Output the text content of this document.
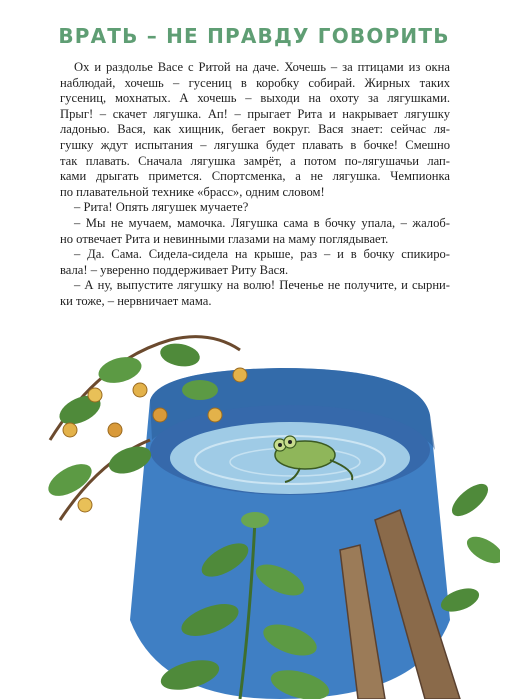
ВРАТЬ – НЕ ПРАВДУ ГОВОРИТЬ
Ох и раздолье Васе с Ритой на даче. Хочешь – за птицами из окна
наблюдай, хочешь – гусениц в коробку собирай. Жирных таких
гусениц, мохнатых. А хочешь – выходи на охоту за лягушками.
Прыг! – скачет лягушка. Ап! – прыгает Рита и накрывает лягушку
ладонью. Вася, как хищник, бегает вокруг. Вася знает: сейчас ля-
гушку ждут испытания – лягушка будет плавать в бочке! Смешно
так плавать. Сначала лягушка замрёт, а потом по-лягушачьи лап-
ками дрыгать примется. Спортсменка, а не лягушка. Чемпионка
по плавательной технике «брасс», одним словом!
– Рита! Опять лягушек мучаете?
– Мы не мучаем, мамочка. Лягушка сама в бочку упала, – жалоб-
но отвечает Рита и невинными глазами на маму поглядывает.
– Да. Сама. Сидела-сидела на крыше, раз – и в бочку спикиро-
вала! – уверенно поддерживает Риту Вася.
– А ну, выпустите лягушку на волю! Печенье не получите, и сырни-
ки тоже, – нервничает мама.
